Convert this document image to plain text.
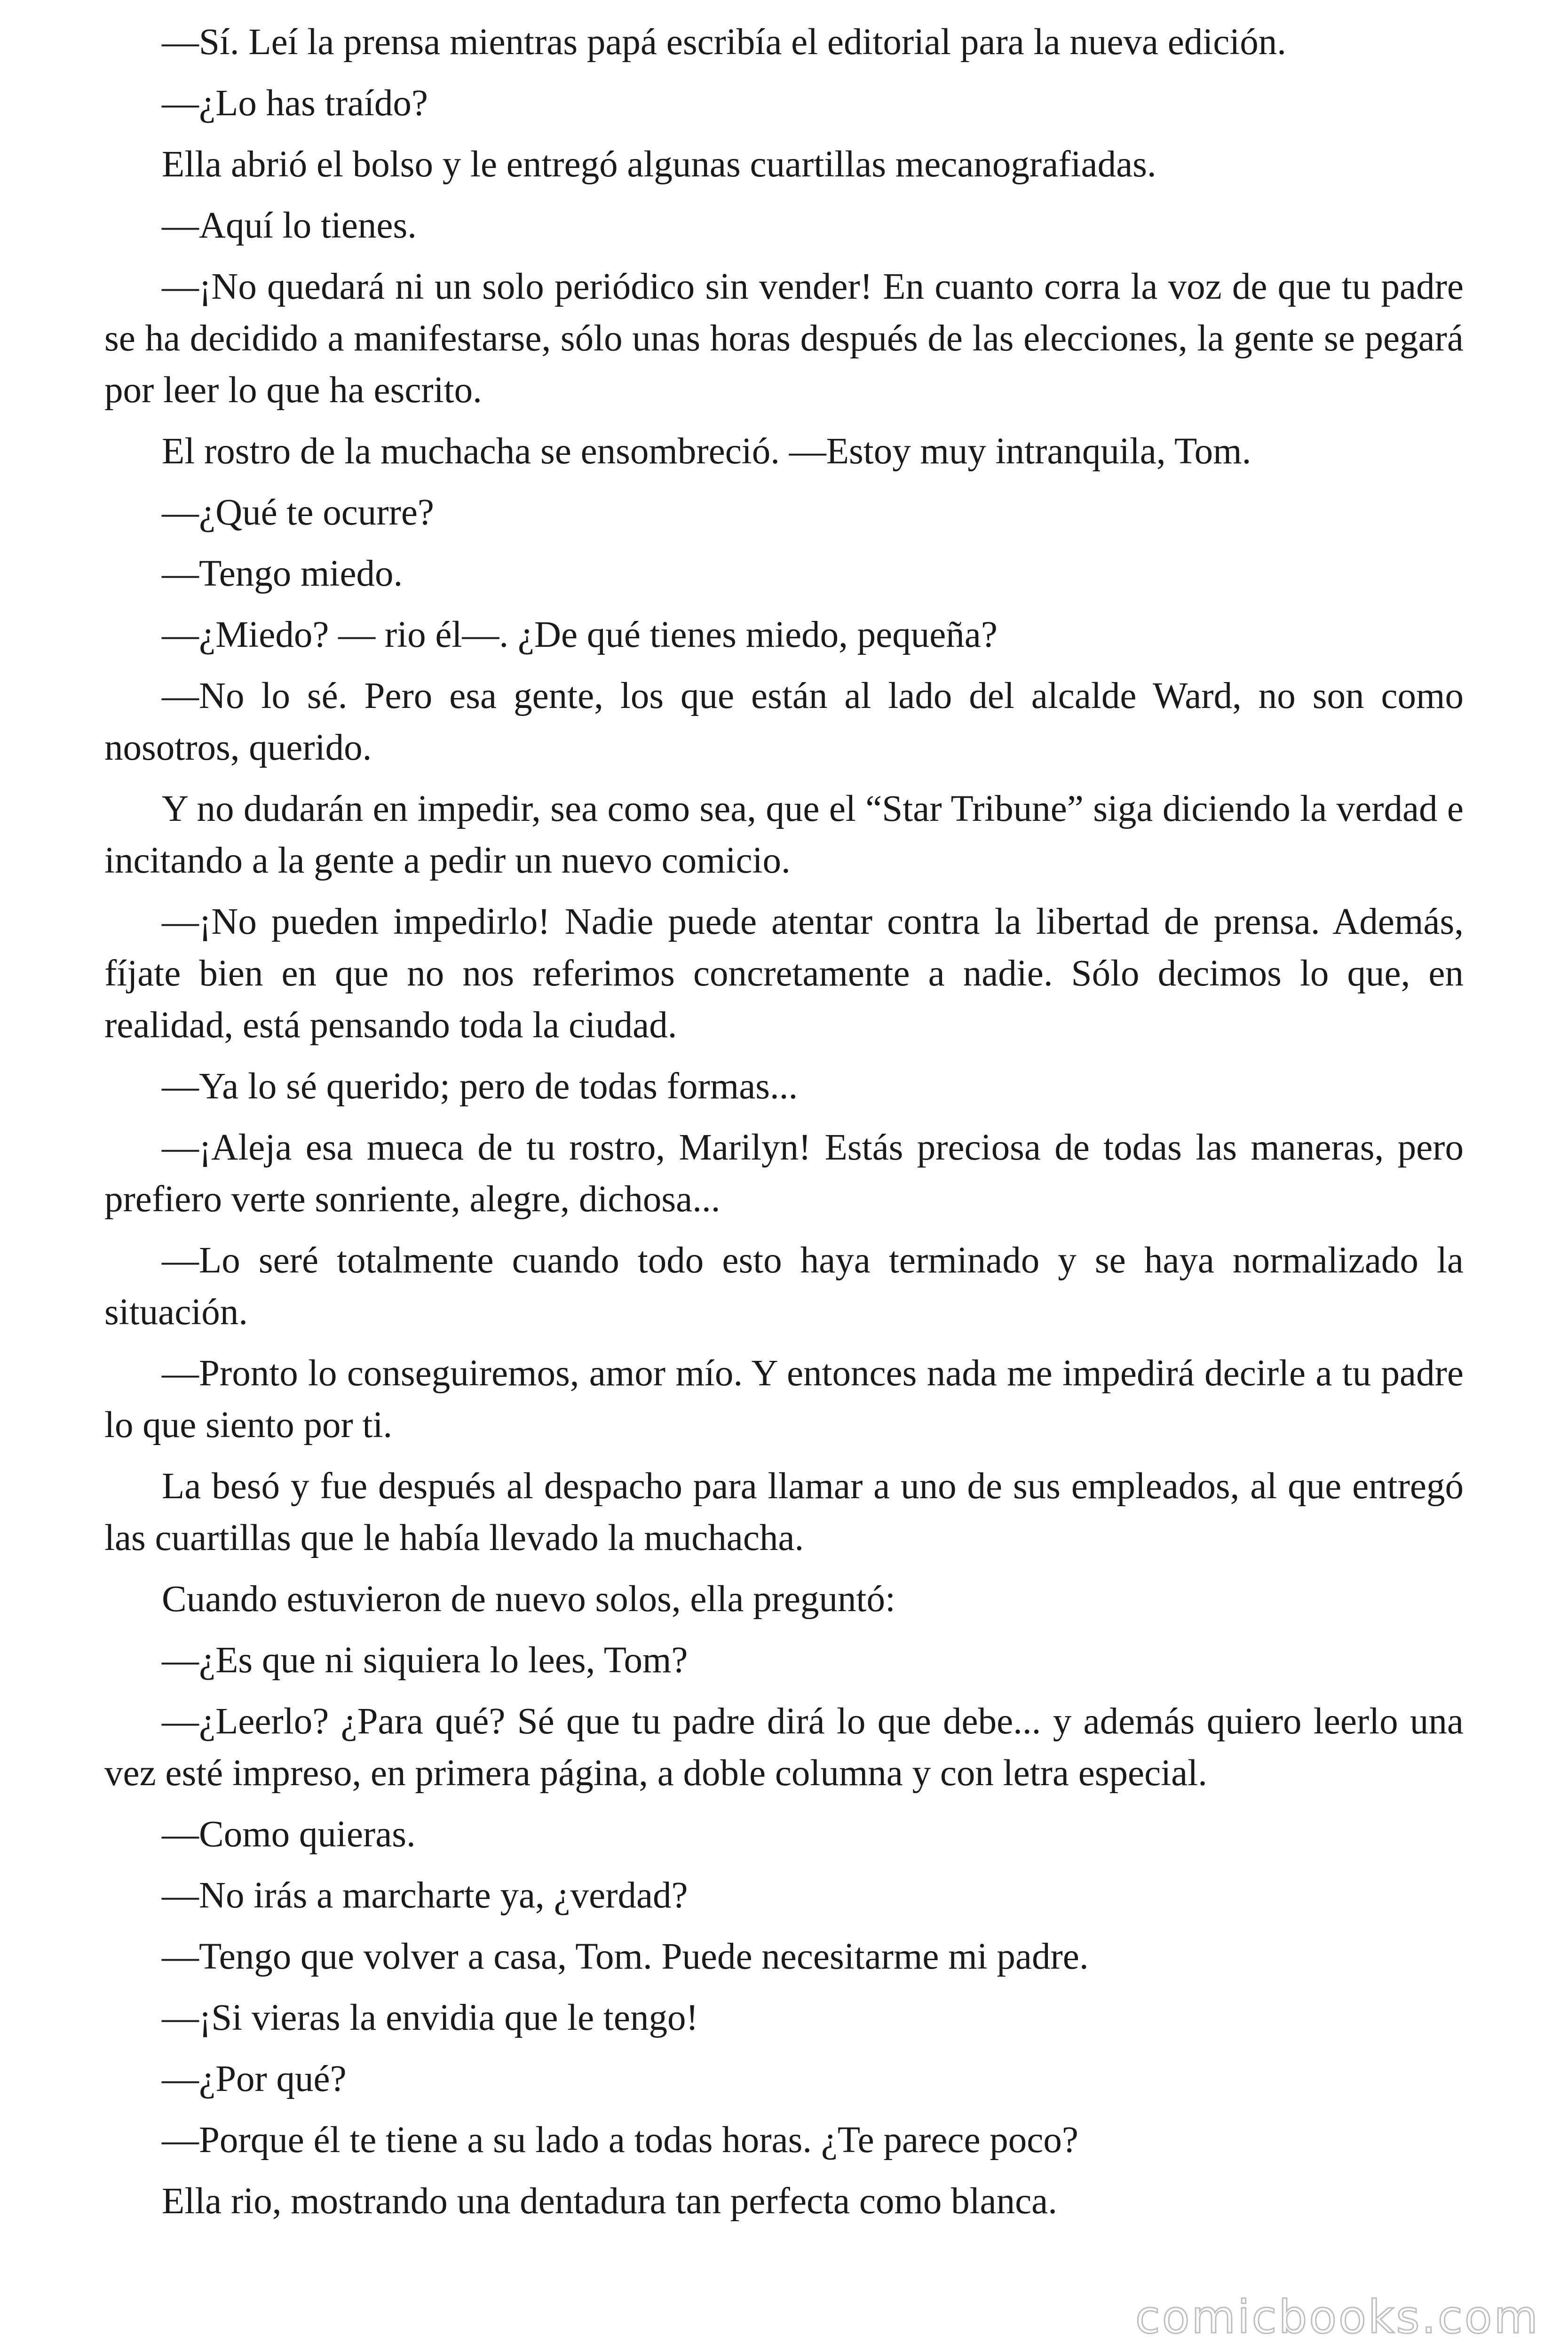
—Sí. Leí la prensa mientras papá escribía el editorial para la nueva edición.

—¿Lo has traído?

Ella abrió el bolso y le entregó algunas cuartillas mecanografiadas.

—Aquí lo tienes.

—¡No quedará ni un solo periódico sin vender! En cuanto corra la voz de que tu padre se ha decidido a manifestarse, sólo unas horas después de las elecciones, la gente se pegará por leer lo que ha escrito.

El rostro de la muchacha se ensombreció. —Estoy muy intranquila, Tom.

—¿Qué te ocurre?

—Tengo miedo.

—¿Miedo? — rio él—. ¿De qué tienes miedo, pequeña?

—No lo sé. Pero esa gente, los que están al lado del alcalde Ward, no son como nosotros, querido.

Y no dudarán en impedir, sea como sea, que el “Star Tribune” siga diciendo la verdad e incitando a la gente a pedir un nuevo comicio.

—¡No pueden impedirlo! Nadie puede atentar contra la libertad de prensa. Además, fíjate bien en que no nos referimos concretamente a nadie. Sólo decimos lo que, en realidad, está pensando toda la ciudad.

—Ya lo sé querido; pero de todas formas...

—¡Aleja esa mueca de tu rostro, Marilyn! Estás preciosa de todas las maneras, pero prefiero verte sonriente, alegre, dichosa...

—Lo seré totalmente cuando todo esto haya terminado y se haya normalizado la situación.

—Pronto lo conseguiremos, amor mío. Y entonces nada me impedirá decirle a tu padre lo que siento por ti.

La besó y fue después al despacho para llamar a uno de sus empleados, al que entregó las cuartillas que le había llevado la muchacha.

Cuando estuvieron de nuevo solos, ella preguntó:

—¿Es que ni siquiera lo lees, Tom?

—¿Leerlo? ¿Para qué? Sé que tu padre dirá lo que debe... y además quiero leerlo una vez esté impreso, en primera página, a doble columna y con letra especial.

—Como quieras.

—No irás a marcharte ya, ¿verdad?

—Tengo que volver a casa, Tom. Puede necesitarme mi padre.

—¡Si vieras la envidia que le tengo!

—¿Por qué?

—Porque él te tiene a su lado a todas horas. ¿Te parece poco?

Ella rio, mostrando una dentadura tan perfecta como blanca.

comicbooks.com
